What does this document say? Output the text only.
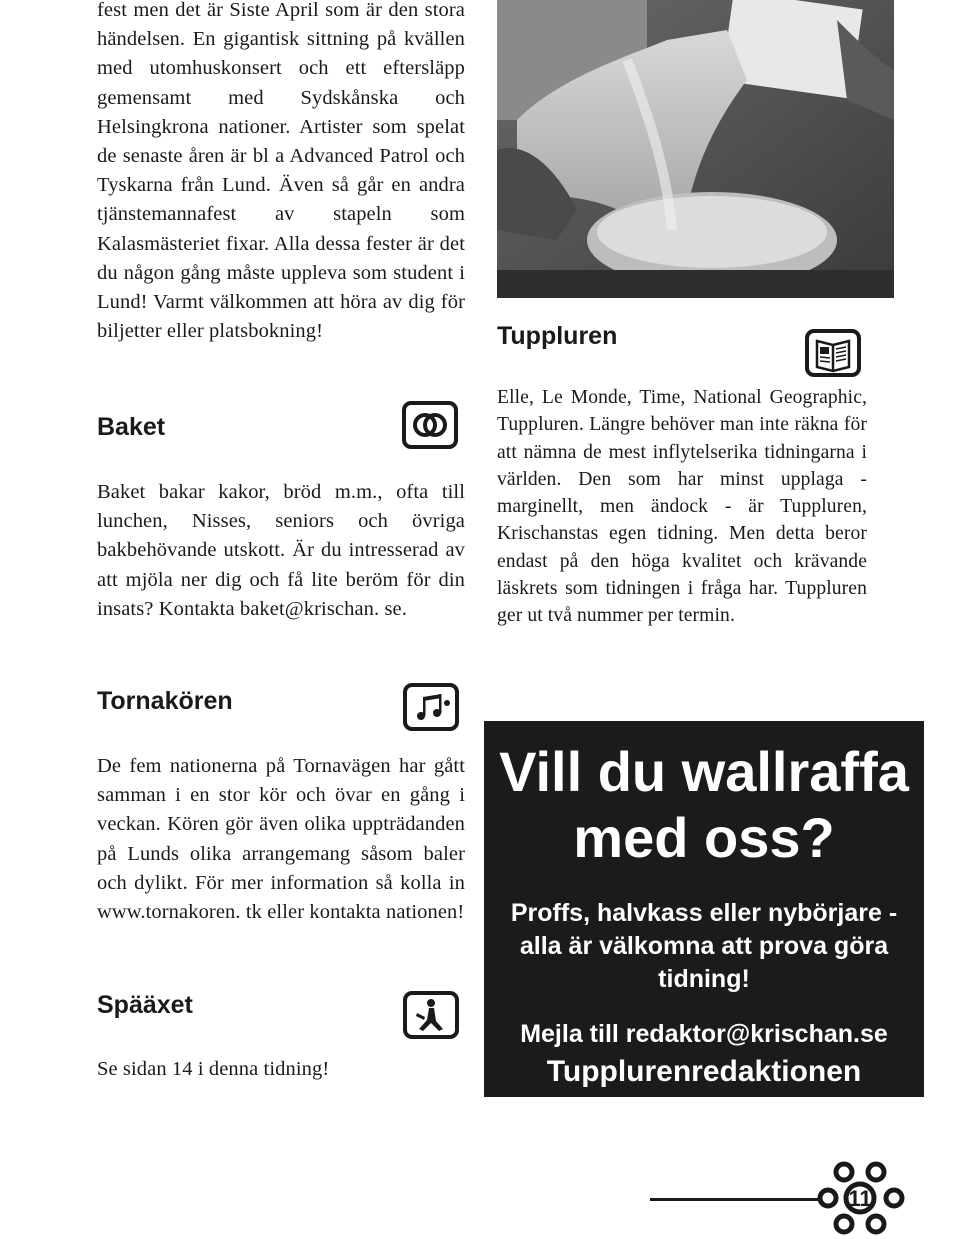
fest men det är Siste April som är den stora händelsen. En gigantisk sittning på kvällen med utomhuskonsert och ett eftersläpp gemensamt med Sydskånska och Helsingkrona nationer. Artister som spelat de senaste åren är bl a Advanced Patrol och Tyskarna från Lund. Även så går en andra tjänstemannafest av stapeln som Kalasmästeriet fixar. Alla dessa fester är det du någon gång måste uppleva som student i Lund! Varmt välkommen att höra av dig för biljetter eller platsbokning!

Baket

Baket bakar kakor, bröd m.m., ofta till lunchen, Nisses, seniors och övriga bakbehövande utskott. Är du intresserad av att mjöla ner dig och få lite beröm för din insats? Kontakta baket@krischan. se.

Tornakören

De fem nationerna på Tornavägen har gått samman i en stor kör och övar en gång i veckan. Kören gör även olika uppträdanden på Lunds olika arrangemang såsom baler och dylikt. För mer information så kolla in www.tornakoren. tk eller kontakta nationen!

Spääxet

Se sidan 14 i denna tidning!

Tuppluren

Elle, Le Monde, Time, National Geographic, Tuppluren. Längre behöver man inte räkna för att nämna de mest inflytelserika tidningarna i världen. Den som har minst upplaga - marginellt, men ändock - är Tuppluren, Krischanstas egen tidning. Men detta beror endast på den höga kvalitet och krävande läskrets som tidningen i fråga har. Tuppluren ger ut två nummer per termin.

Vill du wallraffa med oss?
Proffs, halvkass eller nybörjare - alla är välkomna att prova göra tidning!
Mejla till redaktor@krischan.se
Tupplurenredaktionen
11
